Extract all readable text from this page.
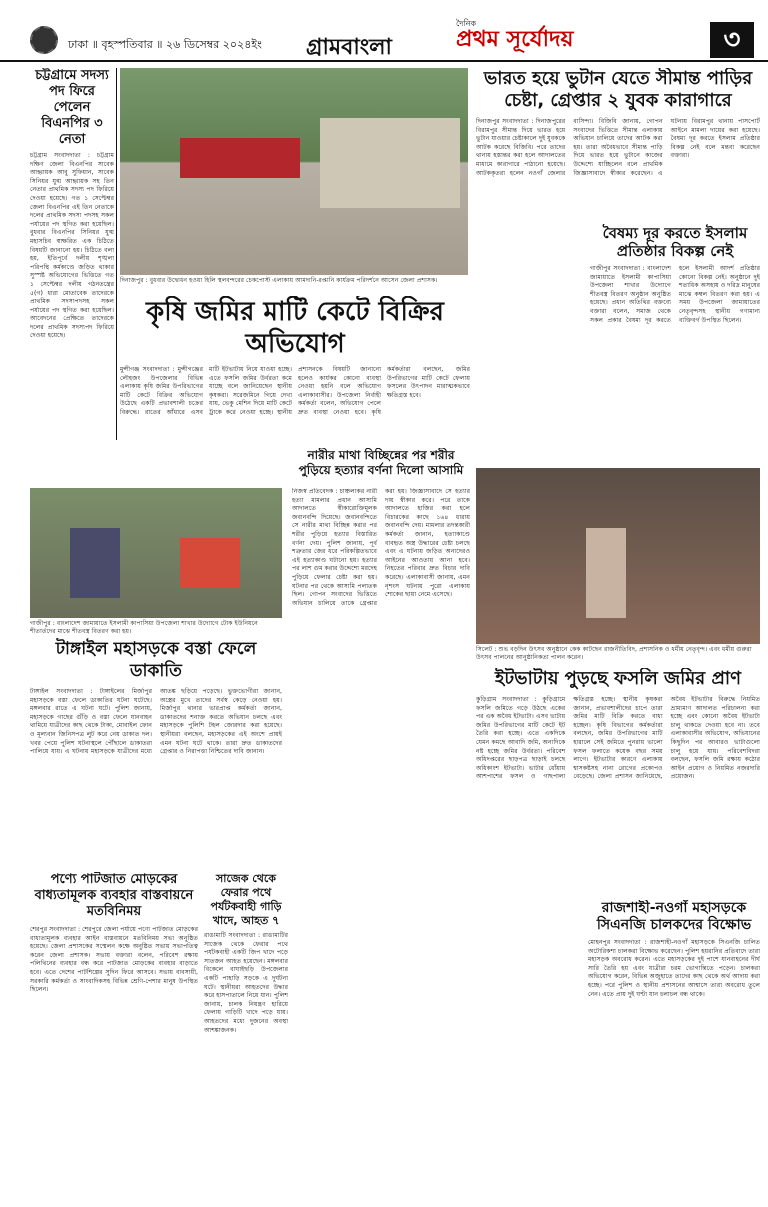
ঢাকা ॥ বৃহস্পতিবার ॥ ২৬ ডিসেম্বর ২০২৪ইং গ্রামবাংলা
দৈনিক
প্রথম সূর্যোদয়	৩
চট্টগ্রামে সদস্য পদ ফিরে পেলেন বিএনপির ৩ নেতা
চট্টগ্রাম সংবাদদাতা : চট্টগ্রাম দক্ষিণ জেলা বিএনপির সাবেক আহ্বায়ক আবু সুফিয়ান, সাবেক সিনিয়র যুগ্ম আহ্বায়ক সহ তিন নেতার প্রাথমিক সদস্য পদ ফিরিয়ে দেওয়া হয়েছে। গত ১ সেপ্টেম্বর জেলা বিএনপির এই তিন নেতাকে দলের প্রাথমিক সদস্য পদসহ সকল পর্যায়ের পদ স্থগিত করা হয়েছিল। বুধবার বিএনপির সিনিয়র যুগ্ম মহাসচিব স্বাক্ষরিত এক চিঠিতে বিষয়টি জানানো হয়। চিঠিতে বলা হয়, ইতিপূর্বে দলীয় শৃঙ্খলা পরিপন্থি কর্মকাণ্ডে জড়িত থাকার সুস্পষ্ট অভিযোগের ভিত্তিতে গত ১ সেপ্টেম্বর দলীয় গঠনতন্ত্রের ৫(গ) ধারা মোতাবেক তাদেরকে প্রাথমিক সদস্যপদসহ সকল পর্যায়ের পদ স্থগিত করা হয়েছিল। আবেদনের প্রেক্ষিতে তাদেরকে দলের প্রাথমিক সদস্যপদ ফিরিয়ে দেওয়া হয়েছে।
দিনাজপুর : বুধবার উদ্বোধন হওয়া হিলি স্থলবন্দরের চেকপোস্ট এলাকায় আমদানি-রপ্তানি কার্যক্রম পরিদর্শনে আসেন জেলা প্রশাসক।
কৃষি জমির মাটি কেটে বিক্রির অভিযোগ
মুন্সীগঞ্জ সংবাদদাতা : মুন্সীগঞ্জের লৌহজং উপজেলার বিভিন্ন এলাকায় কৃষি জমির উপরিভাগের মাটি কেটে বিক্রির অভিযোগ উঠেছে একটি প্রভাবশালী চক্রের বিরুদ্ধে। রাতের আঁধারে এসব মাটি ইটভাটায় নিয়ে যাওয়া হচ্ছে। এতে ফসলি জমির উর্বরতা কমে যাচ্ছে বলে জানিয়েছেন স্থানীয় কৃষকরা। সরেজমিনে গিয়ে দেখা যায়, ভেকু মেশিন দিয়ে মাটি কেটে ট্রাকে করে নেওয়া হচ্ছে। স্থানীয় প্রশাসনকে বিষয়টি জানানো হলেও কার্যকর কোনো ব্যবস্থা নেওয়া হয়নি বলে অভিযোগ এলাকাবাসীর। উপজেলা নির্বাহী কর্মকর্তা বলেন, অভিযোগ পেলে দ্রুত ব্যবস্থা নেওয়া হবে। কৃষি কর্মকর্তারা বলছেন, জমির উপরিভাগের মাটি কেটে ফেলায় ফসলের উৎপাদন মারাত্মকভাবে ক্ষতিগ্রস্ত হবে।
ভারত হয়ে ভুটান যেতে সীমান্ত পাড়ির চেষ্টা, গ্রেপ্তার ২ যুবক কারাগারে
দিনাজপুর সংবাদদাতা : দিনাজপুরের বিরামপুর সীমান্ত দিয়ে ভারত হয়ে ভুটান যাওয়ার চেষ্টাকালে দুই যুবককে আটক করেছে বিজিবি। পরে তাদের থানায় হস্তান্তর করা হলে আদালতের মাধ্যমে কারাগারে পাঠানো হয়েছে। আটককৃতরা হলেন নওগাঁ জেলার বাসিন্দা। বিজিবি জানায়, গোপন সংবাদের ভিত্তিতে সীমান্ত এলাকায় অভিযান চালিয়ে তাদের আটক করা হয়। তারা অবৈধভাবে সীমান্ত পাড়ি দিয়ে ভারত হয়ে ভুটানে কাজের উদ্দেশ্যে যাচ্ছিলেন বলে প্রাথমিক জিজ্ঞাসাবাদে স্বীকার করেছেন। এ ঘটনায় বিরামপুর থানায় পাসপোর্ট আইনে মামলা দায়ের করা হয়েছে। বৈষম্য দূর করতে ইসলাম প্রতিষ্ঠার বিকল্প নেই বলে মন্তব্য করেছেন বক্তারা।
বৈষম্য দূর করতে ইসলাম প্রতিষ্ঠার বিকল্প নেই
গাজীপুর সংবাদদাতা : বাংলাদেশ জামায়াতে ইসলামী কাপাসিয়া উপজেলা শাখার উদ্যোগে শীতবস্ত্র বিতরণ অনুষ্ঠান অনুষ্ঠিত হয়েছে। প্রধান অতিথির বক্তব্যে বক্তারা বলেন, সমাজ থেকে সকল প্রকার বৈষম্য দূর করতে হলে ইসলামী আদর্শ প্রতিষ্ঠার কোনো বিকল্প নেই। অনুষ্ঠানে দুই শতাধিক অসহায় ও দরিদ্র মানুষের মাঝে কম্বল বিতরণ করা হয়। এ সময় উপজেলা জামায়াতের নেতৃবৃন্দসহ স্থানীয় গণ্যমান্য ব্যক্তিবর্গ উপস্থিত ছিলেন।
নারীর মাথা বিচ্ছিন্নের পর শরীর পুড়িয়ে হত্যার বর্ণনা দিলো আসামি
নিজস্ব প্রতিবেদক : চাঞ্চল্যকর নারী হত্যা মামলার প্রধান আসামি আদালতে স্বীকারোক্তিমূলক জবানবন্দি দিয়েছে। জবানবন্দিতে সে নারীর মাথা বিচ্ছিন্ন করার পর শরীর পুড়িয়ে হত্যার বিস্তারিত বর্ণনা দেয়। পুলিশ জানায়, পূর্ব শত্রুতার জের ধরে পরিকল্পিতভাবে এই হত্যাকাণ্ড ঘটানো হয়। হত্যার পর লাশ গুম করার উদ্দেশ্যে মরদেহ পুড়িয়ে ফেলার চেষ্টা করা হয়। ঘটনার পর থেকে আসামি পলাতক ছিল। গোপন সংবাদের ভিত্তিতে অভিযান চালিয়ে তাকে গ্রেপ্তার করা হয়। জিজ্ঞাসাবাদে সে হত্যার দায় স্বীকার করে। পরে তাকে আদালতে হাজির করা হলে বিচারকের কাছে ১৬৪ ধারায় জবানবন্দি দেয়। মামলার তদন্তকারী কর্মকর্তা জানান, হত্যাকাণ্ডে ব্যবহৃত অস্ত্র উদ্ধারের চেষ্টা চলছে এবং এ ঘটনায় জড়িত অন্যদেরও আইনের আওতায় আনা হবে। নিহতের পরিবার দ্রুত বিচার দাবি করেছে। এলাকাবাসী জানায়, এমন নৃশংস ঘটনায় পুরো এলাকায় শোকের ছায়া নেমে এসেছে।
গাজীপুর : বাংলাদেশ জামায়াতে ইসলামী কাপাসিয়া উপজেলা শাখার উদ্যোগে টোক ইউনিয়নে শীতার্তদের মাঝে শীতবস্ত্র বিতরণ করা হয়।
টাঙ্গাইল মহাসড়কে বস্তা ফেলে ডাকাতি
টাঙ্গাইল সংবাদদাতা : টাঙ্গাইলের মির্জাপুর মহাসড়কে বস্তা ফেলে ডাকাতির ঘটনা ঘটেছে। মঙ্গলবার রাতে এ ঘটনা ঘটে। পুলিশ জানায়, মহাসড়কে গাছের গুঁড়ি ও বস্তা ফেলে যানবাহন থামিয়ে যাত্রীদের কাছ থেকে টাকা, মোবাইল ফোন ও মূল্যবান জিনিসপত্র লুট করে নেয় ডাকাত দল। খবর পেয়ে পুলিশ ঘটনাস্থলে পৌঁছালে ডাকাতরা পালিয়ে যায়। এ ঘটনায় মহাসড়কে যাত্রীদের মধ্যে আতঙ্ক ছড়িয়ে পড়েছে। ভুক্তভোগীরা জানান, অস্ত্রের মুখে তাদের সর্বস্ব কেড়ে নেওয়া হয়। মির্জাপুর থানার ভারপ্রাপ্ত কর্মকর্তা জানান, ডাকাতদের শনাক্ত করতে অভিযান চলছে এবং মহাসড়কে পুলিশি টহল জোরদার করা হয়েছে। স্থানীয়রা বলছেন, মহাসড়কের এই অংশে প্রায়ই এমন ঘটনা ঘটে থাকে। তারা দ্রুত ডাকাতদের গ্রেপ্তার ও নিরাপত্তা নিশ্চিতের দাবি জানান।
পণ্যে পাটজাত মোড়কের বাধ্যতামূলক ব্যবহার বাস্তবায়নে মতবিনিময়
শেরপুর সংবাদদাতা : শেরপুরে জেলা পর্যায়ে পণ্যে পাটজাত মোড়কের বাধ্যতামূলক ব্যবহার আইন বাস্তবায়নে মতবিনিময় সভা অনুষ্ঠিত হয়েছে। জেলা প্রশাসকের সম্মেলন কক্ষে অনুষ্ঠিত সভায় সভাপতিত্ব করেন জেলা প্রশাসক। সভায় বক্তারা বলেন, পরিবেশ রক্ষায় পলিথিনের ব্যবহার বন্ধ করে পাটজাত মোড়কের ব্যবহার বাড়াতে হবে। এতে দেশের পাটশিল্পের সুদিন ফিরে আসবে। সভায় ব্যবসায়ী, সরকারি কর্মকর্তা ও সাংবাদিকসহ বিভিন্ন শ্রেণি-পেশার মানুষ উপস্থিত ছিলেন।
সাজেক থেকে ফেরার পথে পর্যটকবাহী গাড়ি খাদে, আহত ৭
রাঙামাটি সংবাদদাতা : রাঙামাটির সাজেক থেকে ফেরার পথে পর্যটকবাহী একটি জিপ খাদে পড়ে সাতজন আহত হয়েছেন। মঙ্গলবার বিকেলে বাঘাইছড়ি উপজেলার একটি পাহাড়ি সড়কে এ দুর্ঘটনা ঘটে। স্থানীয়রা আহতদের উদ্ধার করে হাসপাতালে নিয়ে যান। পুলিশ জানায়, চালক নিয়ন্ত্রণ হারিয়ে ফেলায় গাড়িটি খাদে পড়ে যায়। আহতদের মধ্যে দুজনের অবস্থা আশঙ্কাজনক।
সিলেট : শুভ বড়দিন উৎসব অনুষ্ঠানে কেক কাটছেন রাজনীতিবিদ, প্রশাসনিক ও ধর্মীয় নেতৃবৃন্দ। এবং ধর্মীয় গুরুরা উৎসব পালনের আনুষ্ঠানিকতা পালন করেন।
ইটভাটায় পুড়ছে ফসলি জমির প্রাণ
কুড়িগ্রাম সংবাদদাতা : কুড়িগ্রামে ফসলি জমিতে গড়ে উঠছে একের পর এক অবৈধ ইটভাটা। এসব ভাটায় জমির উপরিভাগের মাটি কেটে ইট তৈরি করা হচ্ছে। এতে একদিকে যেমন কমছে আবাদি জমি, অন্যদিকে নষ্ট হচ্ছে জমির উর্বরতা। পরিবেশ অধিদপ্তরের ছাড়পত্র ছাড়াই চলছে অধিকাংশ ইটভাটা। ভাটার ধোঁয়ায় আশপাশের ফসল ও গাছপালা ক্ষতিগ্রস্ত হচ্ছে। স্থানীয় কৃষকরা জানান, প্রভাবশালীদের চাপে তারা জমির মাটি বিক্রি করতে বাধ্য হচ্ছেন। কৃষি বিভাগের কর্মকর্তারা বলছেন, জমির উপরিভাগের মাটি হারালে সেই জমিতে পুনরায় ভালো ফসল ফলাতে কয়েক বছর সময় লাগে। ইটভাটার কারণে এলাকায় শ্বাসকষ্টসহ নানা রোগের প্রকোপও বেড়েছে। জেলা প্রশাসন জানিয়েছে, অবৈধ ইটভাটার বিরুদ্ধে নিয়মিত ভ্রাম্যমাণ আদালত পরিচালনা করা হচ্ছে এবং কোনো অবৈধ ইটভাটা চালু থাকতে দেওয়া হবে না। তবে এলাকাবাসীর অভিযোগ, অভিযানের কিছুদিন পর আবারও ভাটাগুলো চালু হয়ে যায়। পরিবেশবিদরা বলছেন, ফসলি জমি রক্ষায় কঠোর আইন প্রয়োগ ও নিয়মিত নজরদারি প্রয়োজন।
রাজশাহী-নওগাঁ মহাসড়কে সিএনজি চালকদের বিক্ষোভ
মোহনপুর সংবাদদাতা : রাজশাহী-নওগাঁ মহাসড়কে সিএনজি চালিত অটোরিকশা চালকরা বিক্ষোভ করেছেন। পুলিশ হয়রানির প্রতিবাদে তারা মহাসড়ক অবরোধ করেন। এতে মহাসড়কের দুই পাশে যানবাহনের দীর্ঘ সারি তৈরি হয় এবং যাত্রীরা চরম ভোগান্তিতে পড়েন। চালকরা অভিযোগ করেন, বিভিন্ন অজুহাতে তাদের কাছ থেকে অর্থ আদায় করা হচ্ছে। পরে পুলিশ ও স্থানীয় প্রশাসনের আশ্বাসে তারা অবরোধ তুলে নেন। এতে প্রায় দুই ঘণ্টা যান চলাচল বন্ধ থাকে।
